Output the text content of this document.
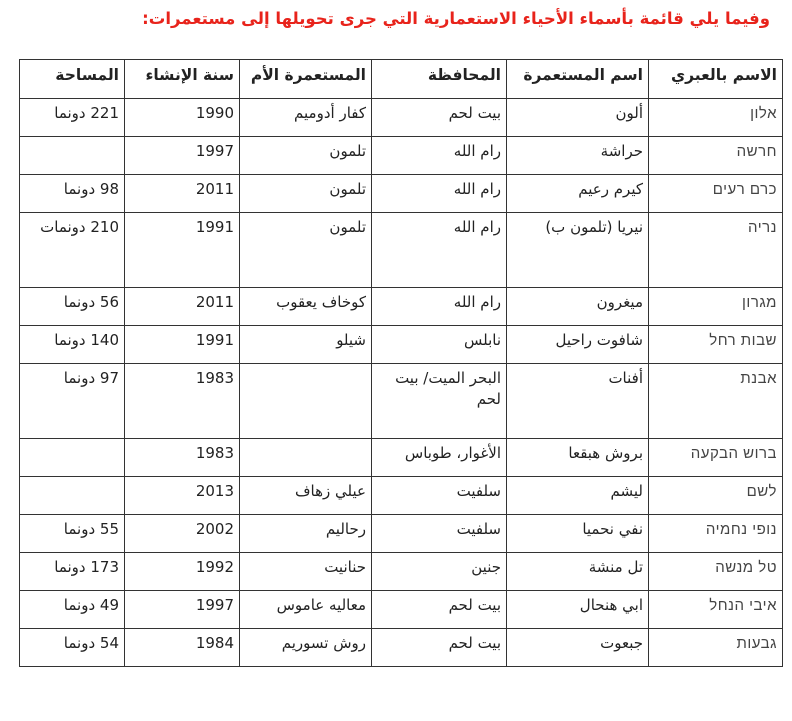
وفيما يلي قائمة بأسماء الأحياء الاستعمارية التي جرى تحويلها إلى مستعمرات:
الاسم بالعبري	اسم المستعمرة	المحافظة	المستعمرة الأم	سنة الإنشاء	المساحة
אלון	ألون	بيت لحم	كفار أدوميم	1990	221 دونما
חרשה	حراشة	رام الله	تلمون	1997	
כרם רעים	كيرم رعيم	رام الله	تلمون	2011	98 دونما
נריה	نيريا (تلمون ب)	رام الله	تلمون	1991	210 دونمات
מגרון	ميغرون	رام الله	كوخاف يعقوب	2011	56 دونما
שבות רחל	شافوت راحيل	نابلس	شيلو	1991	140 دونما
אבנת	أفنات	البحر الميت/ بيت لحم		1983	97 دونما
ברוש הבקעה	بروش هبقعا	الأغوار، طوباس		1983	
לשם	ليشم	سلفيت	عيلي زهاف	2013	
נופי נחמיה	نفي نحميا	سلفيت	رحاليم	2002	55 دونما
טל מנשה	تل منشة	جنين	حنانيت	1992	173 دونما
איבי הנחל	ابي هنحال	بيت لحم	معاليه عاموس	1997	49 دونما
גבעות	جبعوت	بيت لحم	روش تسوريم	1984	54 دونما
